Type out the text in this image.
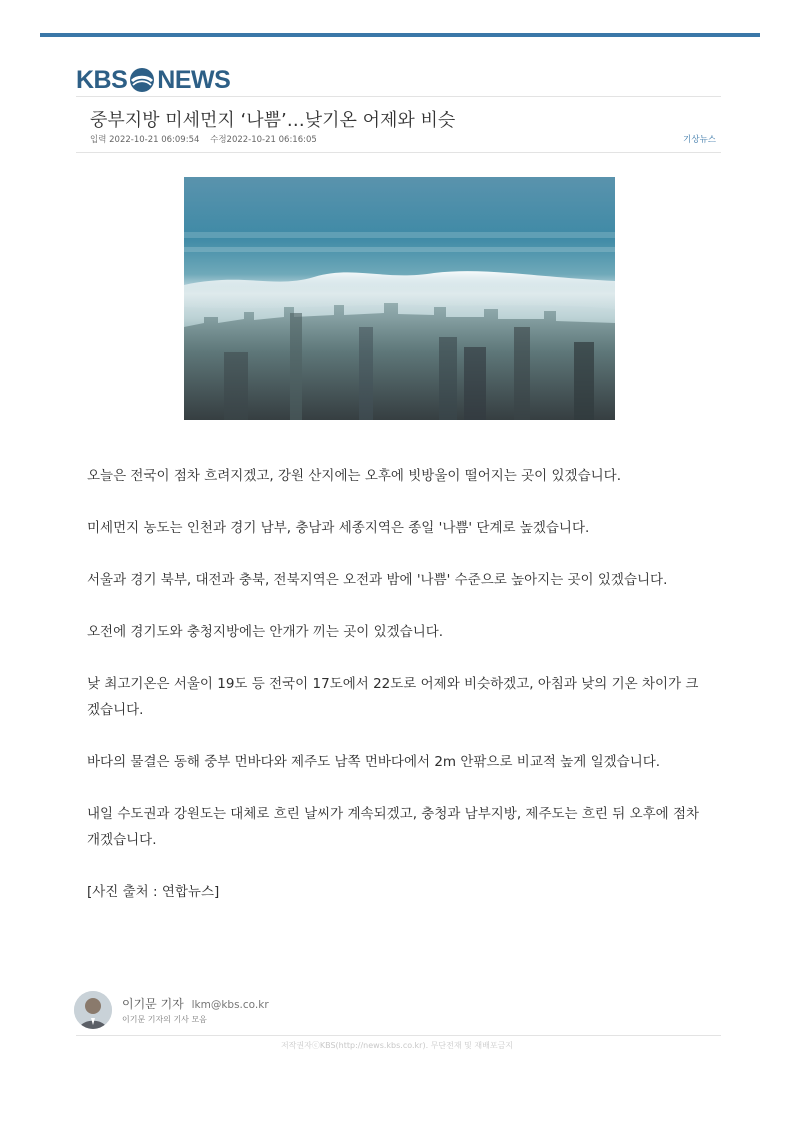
KBS NEWS
중부지방 미세먼지 ‘나쁨’…낮기온 어제와 비슷
입력 2022-10-21 06:09:54 수정2022-10-21 06:16:05	기상뉴스

오늘은 전국이 점차 흐려지겠고, 강원 산지에는 오후에 빗방울이 떨어지는 곳이 있겠습니다.

미세먼지 농도는 인천과 경기 남부, 충남과 세종지역은 종일 '나쁨' 단계로 높겠습니다.

서울과 경기 북부, 대전과 충북, 전북지역은 오전과 밤에 '나쁨' 수준으로 높아지는 곳이 있겠습니다.

오전에 경기도와 충청지방에는 안개가 끼는 곳이 있겠습니다.

낮 최고기온은 서울이 19도 등 전국이 17도에서 22도로 어제와 비슷하겠고, 아침과 낮의 기온 차이가 크겠습니다.

바다의 물결은 동해 중부 먼바다와 제주도 남쪽 먼바다에서 2m 안팎으로 비교적 높게 일겠습니다.

내일 수도권과 강원도는 대체로 흐린 날씨가 계속되겠고, 충청과 남부지방, 제주도는 흐린 뒤 오후에 점차 개겠습니다.

[사진 출처 : 연합뉴스]

이기문 기자 lkm@kbs.co.kr
이기문 기자의 기사 모음
저작권자ⓒKBS(http://news.kbs.co.kr). 무단전재 및 재배포금지
